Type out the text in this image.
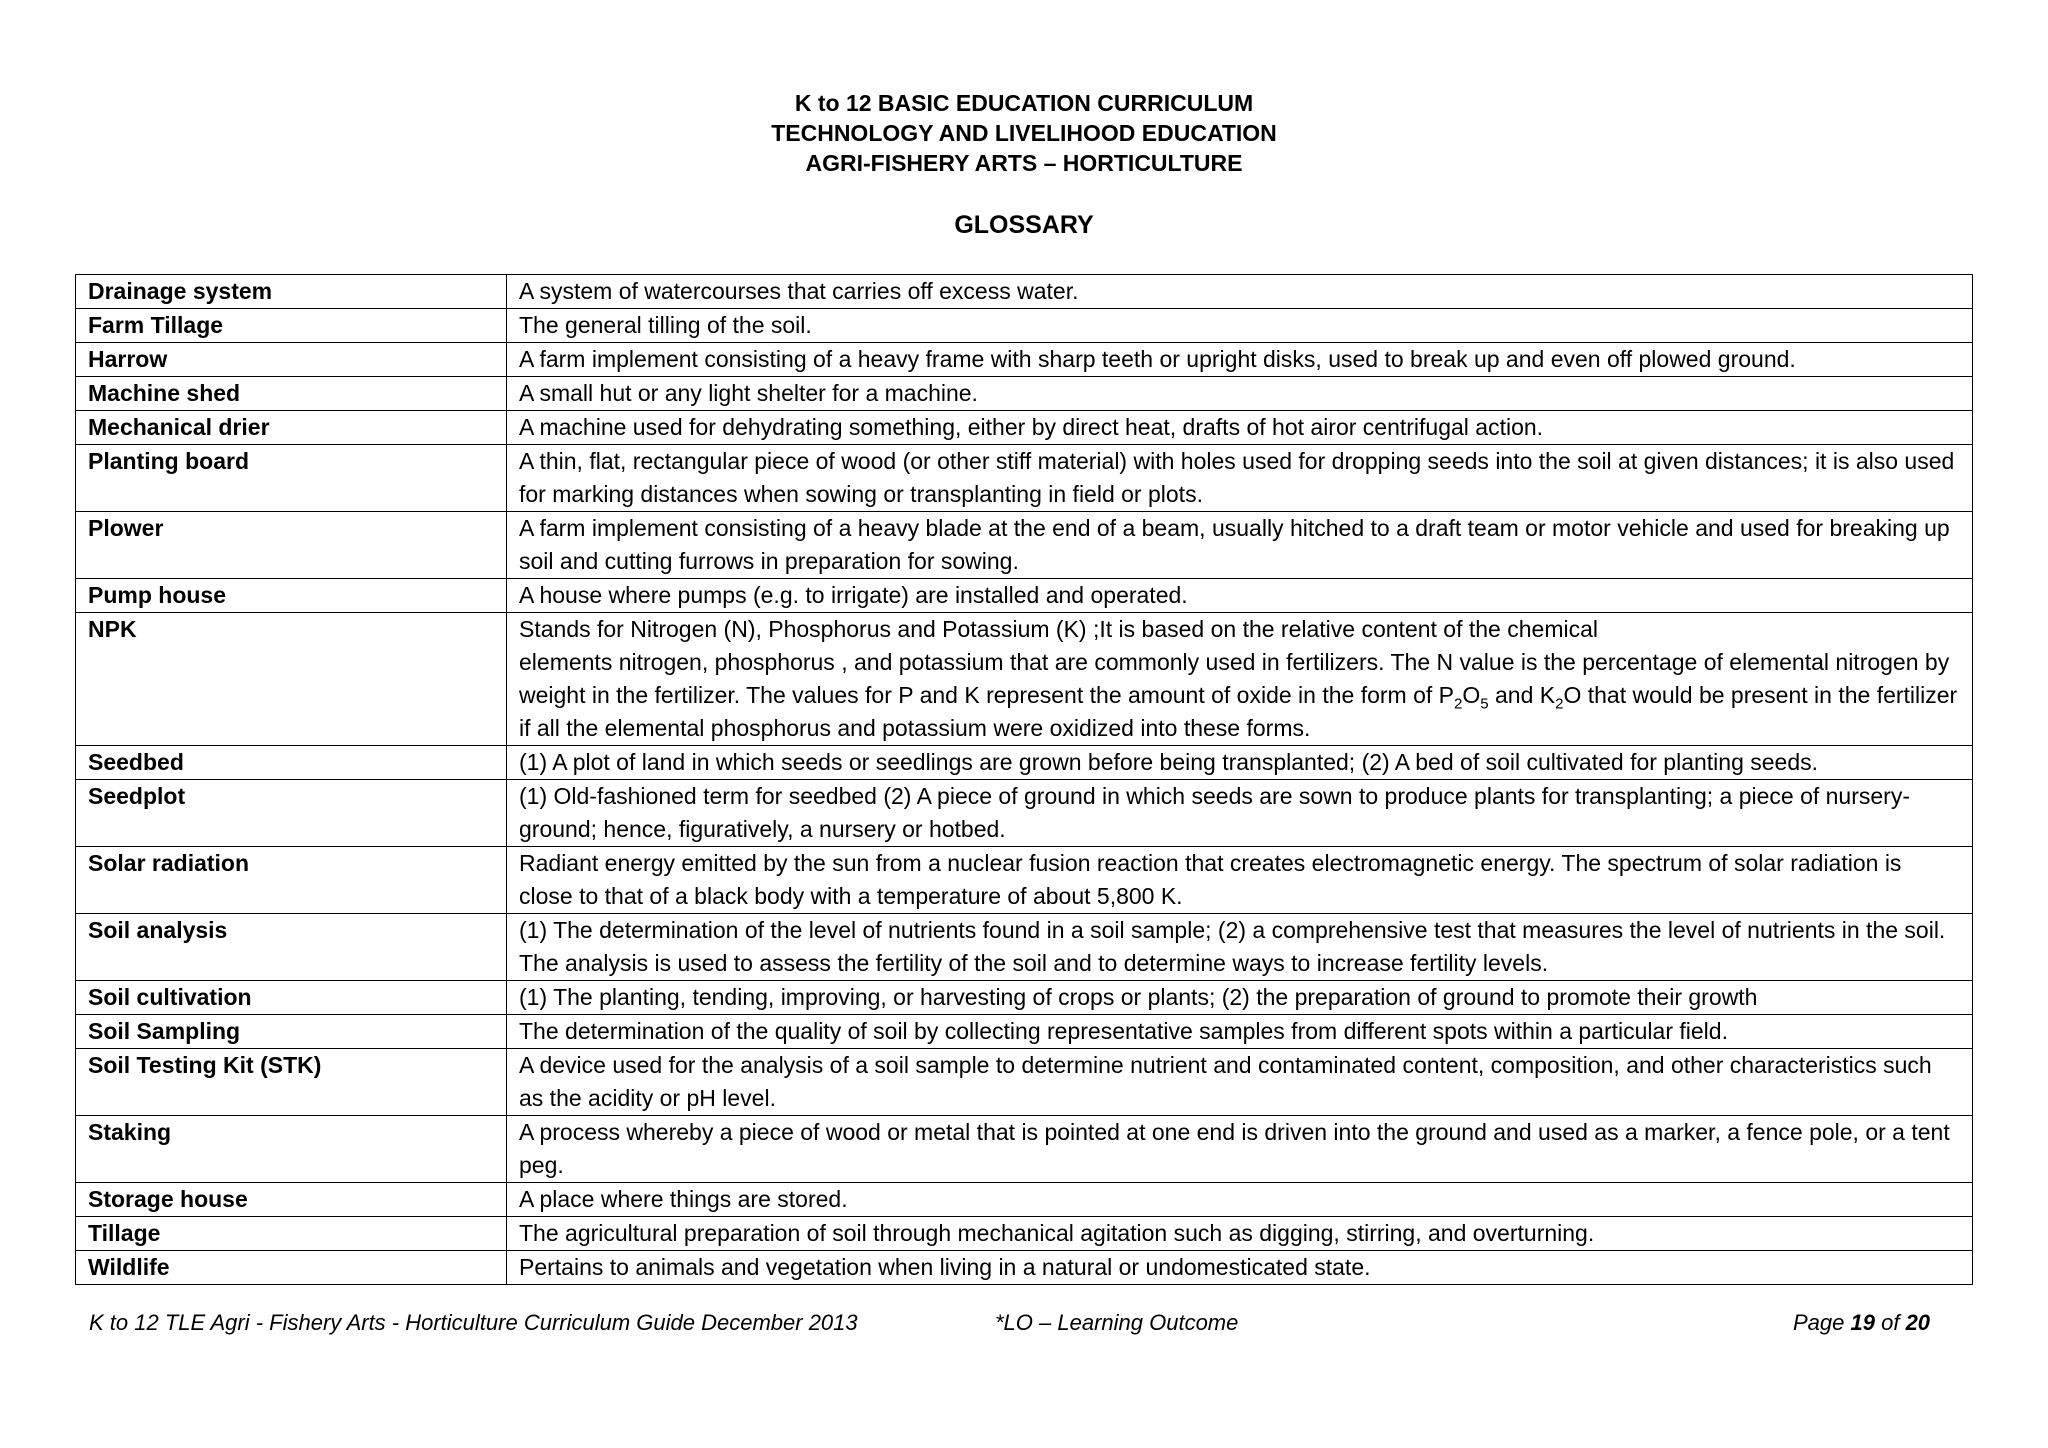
K to 12 BASIC EDUCATION CURRICULUM
TECHNOLOGY AND LIVELIHOOD EDUCATION
AGRI-FISHERY ARTS – HORTICULTURE
GLOSSARY
Drainage system	A system of watercourses that carries off excess water.
Farm Tillage	The general tilling of the soil.
Harrow	A farm implement consisting of a heavy frame with sharp teeth or upright disks, used to break up and even off plowed ground.
Machine shed	A small hut or any light shelter for a machine.
Mechanical drier	A machine used for dehydrating something, either by direct heat, drafts of hot airor centrifugal action.
Planting board	A thin, flat, rectangular piece of wood (or other stiff material) with holes used for dropping seeds into the soil at given distances; it is also used for marking distances when sowing or transplanting in field or plots.
Plower	A farm implement consisting of a heavy blade at the end of a beam, usually hitched to a draft team or motor vehicle and used for breaking up soil and cutting furrows in preparation for sowing.
Pump house	A house where pumps (e.g. to irrigate) are installed and operated.
NPK	Stands for Nitrogen (N), Phosphorus and Potassium (K) ;It is based on the relative content of the chemical
elements nitrogen, phosphorus , and potassium that are commonly used in fertilizers. The N value is the percentage of elemental nitrogen by weight in the fertilizer. The values for P and K represent the amount of oxide in the form of $P_2O_5$ and $K_2O$ that would be present in the fertilizer if all the elemental phosphorus and potassium were oxidized into these forms.
Seedbed	(1) A plot of land in which seeds or seedlings are grown before being transplanted; (2) A bed of soil cultivated for planting seeds.
Seedplot	(1) Old-fashioned term for seedbed (2) A piece of ground in which seeds are sown to produce plants for transplanting; a piece of nursery-ground; hence, figuratively, a nursery or hotbed.
Solar radiation	Radiant energy emitted by the sun from a nuclear fusion reaction that creates electromagnetic energy. The spectrum of solar radiation is close to that of a black body with a temperature of about 5,800 K.
Soil analysis	(1) The determination of the level of nutrients found in a soil sample; (2) a comprehensive test that measures the level of nutrients in the soil. The analysis is used to assess the fertility of the soil and to determine ways to increase fertility levels.
Soil cultivation	(1) The planting, tending, improving, or harvesting of crops or plants; (2) the preparation of ground to promote their growth
Soil Sampling	The determination of the quality of soil by collecting representative samples from different spots within a particular field.
Soil Testing Kit (STK)	A device used for the analysis of a soil sample to determine nutrient and contaminated content, composition, and other characteristics such as the acidity or pH level.
Staking	A process whereby a piece of wood or metal that is pointed at one end is driven into the ground and used as a marker, a fence pole, or a tent peg.
Storage house	A place where things are stored.
Tillage	The agricultural preparation of soil through mechanical agitation such as digging, stirring, and overturning.
Wildlife	Pertains to animals and vegetation when living in a natural or undomesticated state.
K to 12 TLE Agri - Fishery Arts - Horticulture Curriculum Guide December 2013	*LO – Learning Outcome	Page 19 of 20
